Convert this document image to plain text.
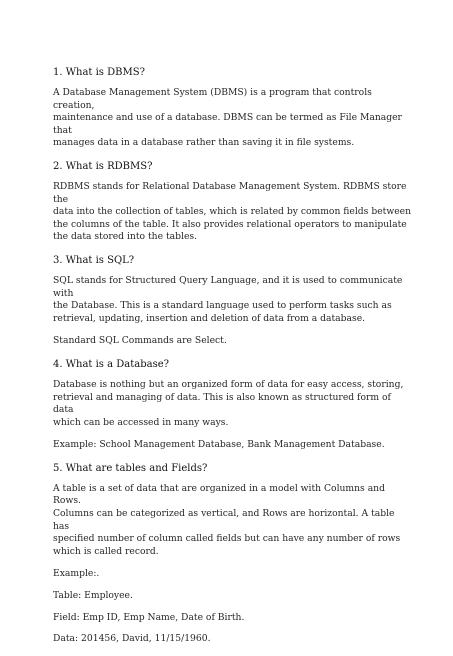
1. What is DBMS?
A Database Management System (DBMS) is a program that controls creation,
maintenance and use of a database. DBMS can be termed as File Manager that
manages data in a database rather than saving it in file systems.
2. What is RDBMS?
RDBMS stands for Relational Database Management System. RDBMS store the
data into the collection of tables, which is related by common fields between
the columns of the table. It also provides relational operators to manipulate
the data stored into the tables.
3. What is SQL?
SQL stands for Structured Query Language, and it is used to communicate with
the Database. This is a standard language used to perform tasks such as
retrieval, updating, insertion and deletion of data from a database.
Standard SQL Commands are Select.
4. What is a Database?
Database is nothing but an organized form of data for easy access, storing,
retrieval and managing of data. This is also known as structured form of data
which can be accessed in many ways.
Example: School Management Database, Bank Management Database.
5. What are tables and Fields?
A table is a set of data that are organized in a model with Columns and Rows.
Columns can be categorized as vertical, and Rows are horizontal. A table has
specified number of column called fields but can have any number of rows
which is called record.
Example:.
Table: Employee.
Field: Emp ID, Emp Name, Date of Birth.
Data: 201456, David, 11/15/1960.
